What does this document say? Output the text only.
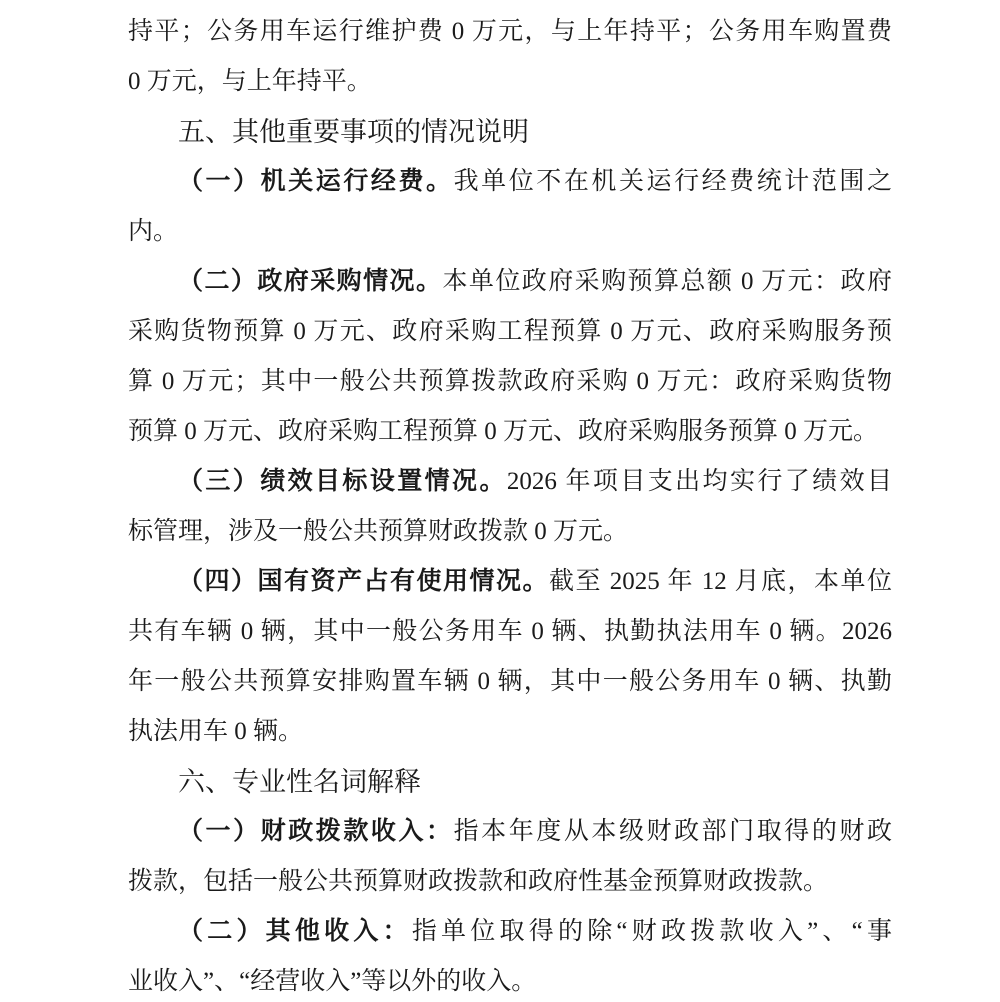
持平；公务用车运行维护费 0 万元，与上年持平；公务用车购置费
0 万元，与上年持平。
五、其他重要事项的情况说明
（一）机关运行经费。我单位不在机关运行经费统计范围之
内。
（二）政府采购情况。本单位政府采购预算总额 0 万元：政府
采购货物预算 0 万元、政府采购工程预算 0 万元、政府采购服务预
算 0 万元；其中一般公共预算拨款政府采购 0 万元：政府采购货物
预算 0 万元、政府采购工程预算 0 万元、政府采购服务预算 0 万元。
（三）绩效目标设置情况。2026 年项目支出均实行了绩效目
标管理，涉及一般公共预算财政拨款 0 万元。
（四）国有资产占有使用情况。截至 2025 年 12 月底，本单位
共有车辆 0 辆，其中一般公务用车 0 辆、执勤执法用车 0 辆。2026
年一般公共预算安排购置车辆 0 辆，其中一般公务用车 0 辆、执勤
执法用车 0 辆。
六、专业性名词解释
（一）财政拨款收入：指本年度从本级财政部门取得的财政
拨款，包括一般公共预算财政拨款和政府性基金预算财政拨款。
（二）其他收入：指单位取得的除“财政拨款收入”、“事
业收入”、“经营收入”等以外的收入。
